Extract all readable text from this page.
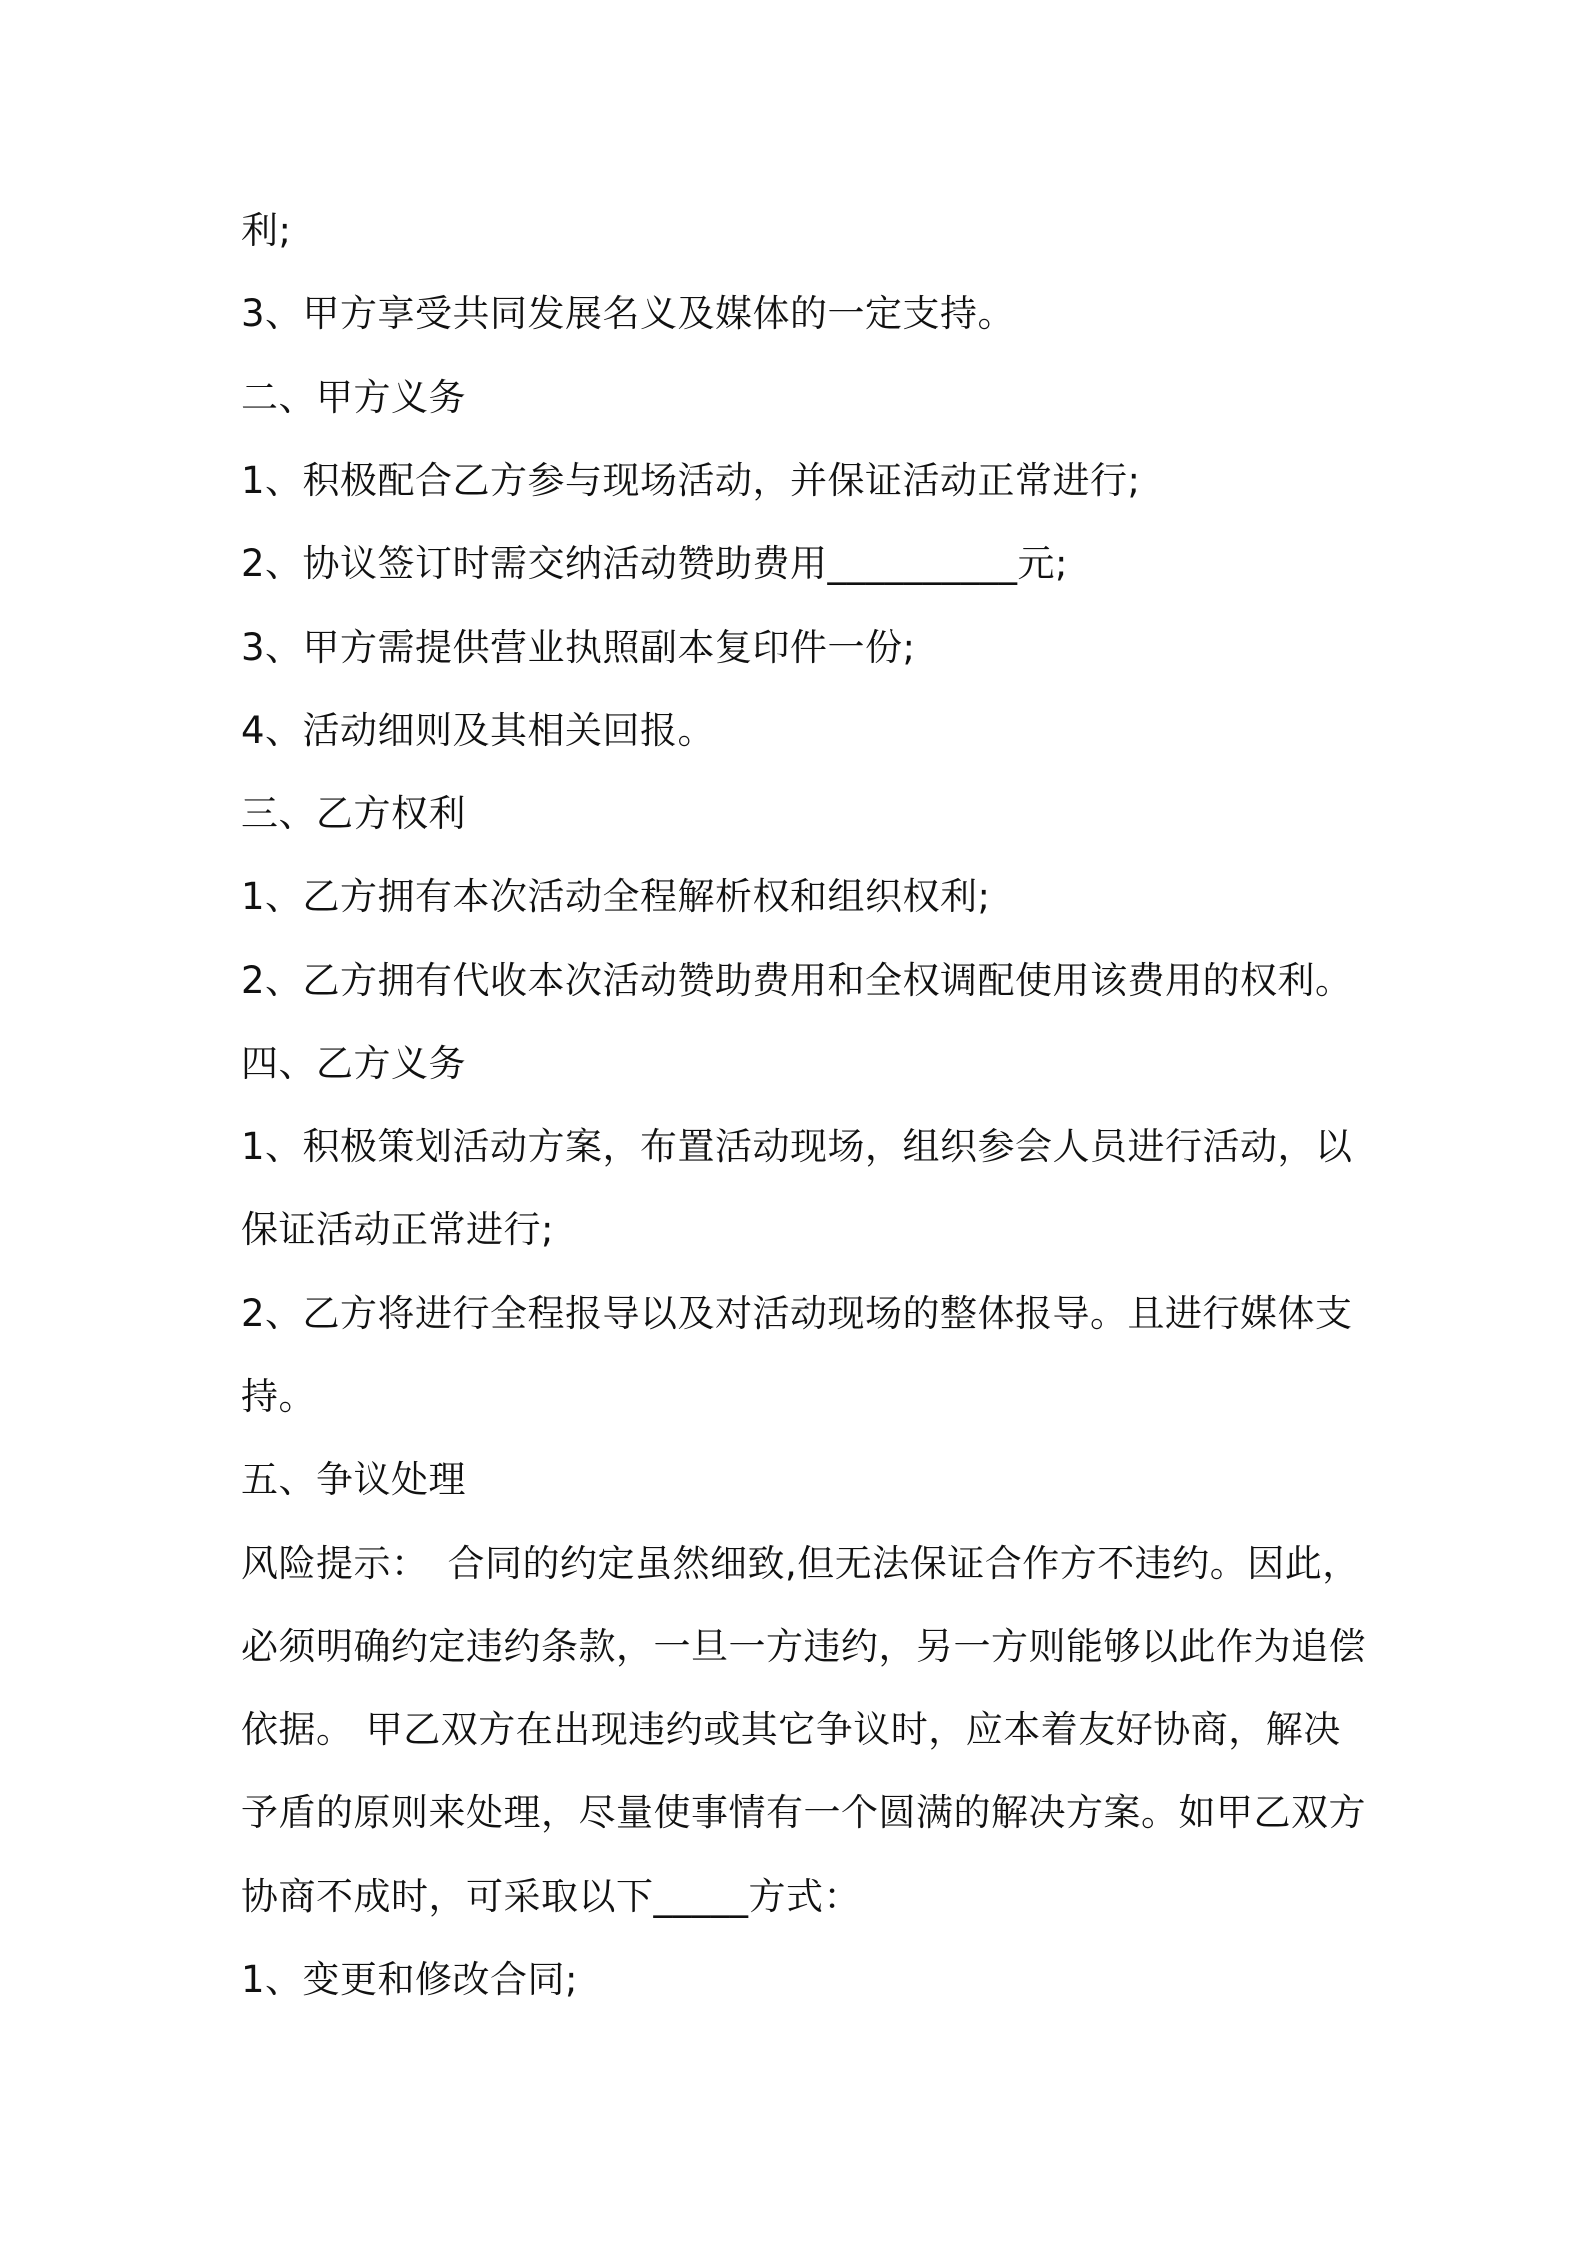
利;

3、甲方享受共同发展名义及媒体的一定支持。

二、甲方义务

1、积极配合乙方参与现场活动，并保证活动正常进行;

2、协议签订时需交纳活动赞助费用__________元;

3、甲方需提供营业执照副本复印件一份;

4、活动细则及其相关回报。

三、乙方权利

1、乙方拥有本次活动全程解析权和组织权利;

2、乙方拥有代收本次活动赞助费用和全权调配使用该费用的权利。

四、乙方义务

1、积极策划活动方案，布置活动现场，组织参会人员进行活动，以

保证活动正常进行;

2、乙方将进行全程报导以及对活动现场的整体报导。且进行媒体支

持。

五、争议处理

风险提示：　合同的约定虽然细致,但无法保证合作方不违约。因此，

必须明确约定违约条款，一旦一方违约，另一方则能够以此作为追偿

依据。 甲乙双方在出现违约或其它争议时，应本着友好协商，解决

予盾的原则来处理，尽量使事情有一个圆满的解决方案。如甲乙双方

协商不成时，可采取以下_____方式：

1、变更和修改合同;
